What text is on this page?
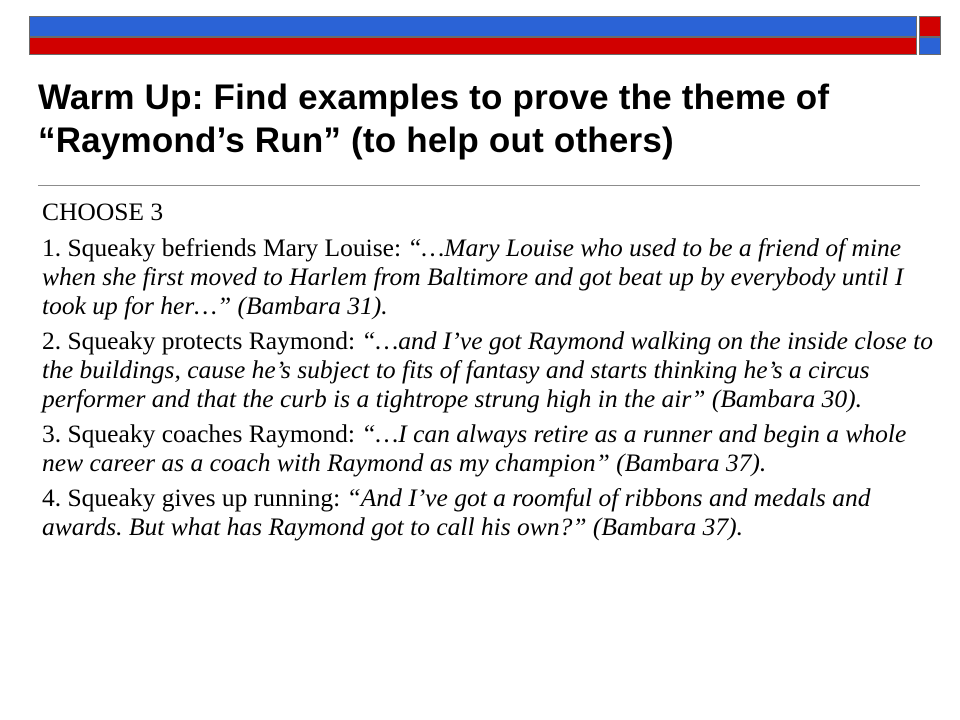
Warm Up: Find examples to prove the theme of
“Raymond’s Run” (to help out others)

CHOOSE 3

1. Squeaky befriends Mary Louise: “…Mary Louise who used to be a friend of mine when she first moved to Harlem from Baltimore and got beat up by everybody until I took up for her…” (Bambara 31).

2. Squeaky protects Raymond: “…and I’ve got Raymond walking on the inside close to the buildings, cause he’s subject to fits of fantasy and starts thinking he’s a circus performer and that the curb is a tightrope strung high in the air” (Bambara 30).

3. Squeaky coaches Raymond: “…I can always retire as a runner and begin a whole new career as a coach with Raymond as my champion” (Bambara 37).

4. Squeaky gives up running: “And I’ve got a roomful of ribbons and medals and awards. But what has Raymond got to call his own?” (Bambara 37).
